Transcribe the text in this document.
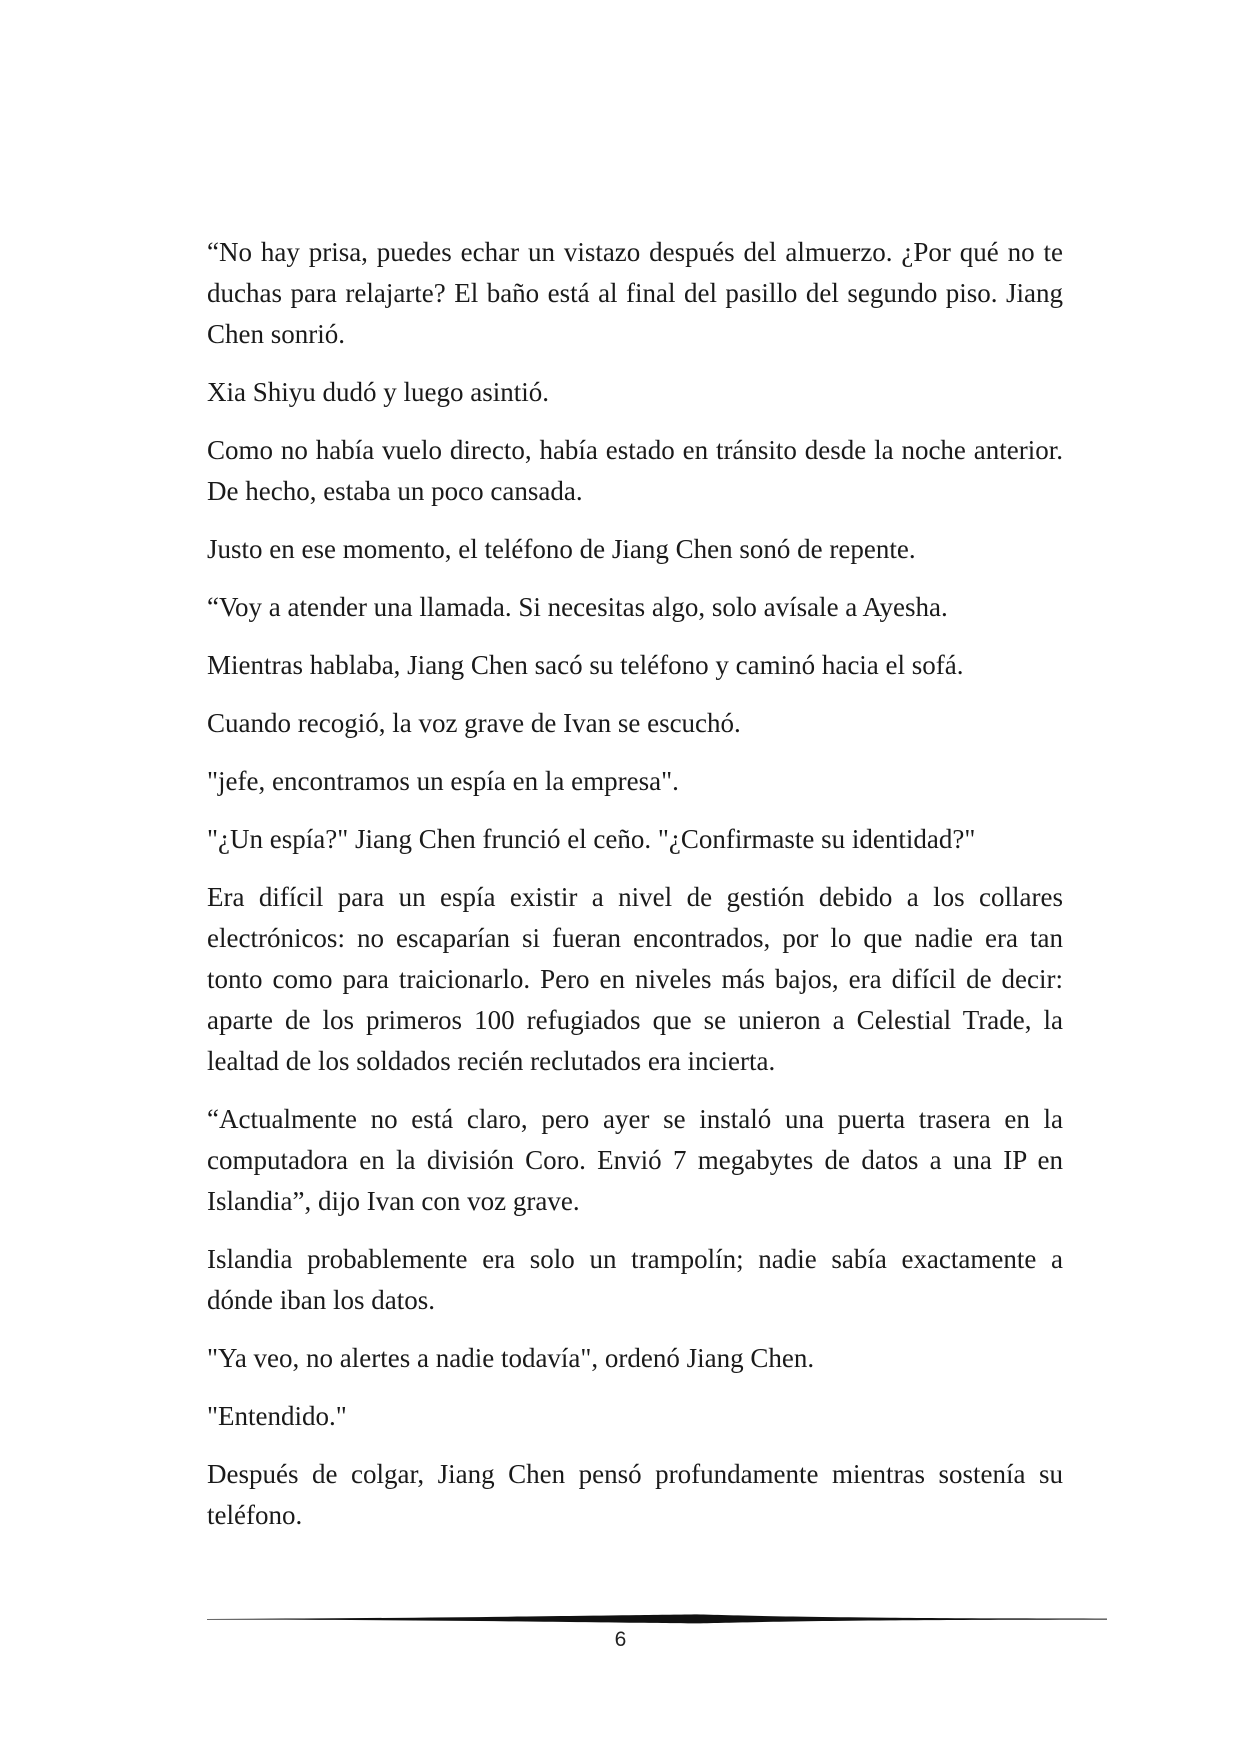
“No hay prisa, puedes echar un vistazo después del almuerzo. ¿Por qué no te duchas para relajarte? El baño está al final del pasillo del segundo piso. Jiang Chen sonrió.

Xia Shiyu dudó y luego asintió.

Como no había vuelo directo, había estado en tránsito desde la noche anterior. De hecho, estaba un poco cansada.

Justo en ese momento, el teléfono de Jiang Chen sonó de repente.

“Voy a atender una llamada. Si necesitas algo, solo avísale a Ayesha.

Mientras hablaba, Jiang Chen sacó su teléfono y caminó hacia el sofá.

Cuando recogió, la voz grave de Ivan se escuchó.

"jefe, encontramos un espía en la empresa".

"¿Un espía?" Jiang Chen frunció el ceño. "¿Confirmaste su identidad?"

Era difícil para un espía existir a nivel de gestión debido a los collares electrónicos: no escaparían si fueran encontrados, por lo que nadie era tan tonto como para traicionarlo. Pero en niveles más bajos, era difícil de decir: aparte de los primeros 100 refugiados que se unieron a Celestial Trade, la lealtad de los soldados recién reclutados era incierta.

“Actualmente no está claro, pero ayer se instaló una puerta trasera en la computadora en la división Coro. Envió 7 megabytes de datos a una IP en Islandia”, dijo Ivan con voz grave.

Islandia probablemente era solo un trampolín; nadie sabía exactamente a dónde iban los datos.

"Ya veo, no alertes a nadie todavía", ordenó Jiang Chen.

"Entendido."

Después de colgar, Jiang Chen pensó profundamente mientras sostenía su teléfono.

6
